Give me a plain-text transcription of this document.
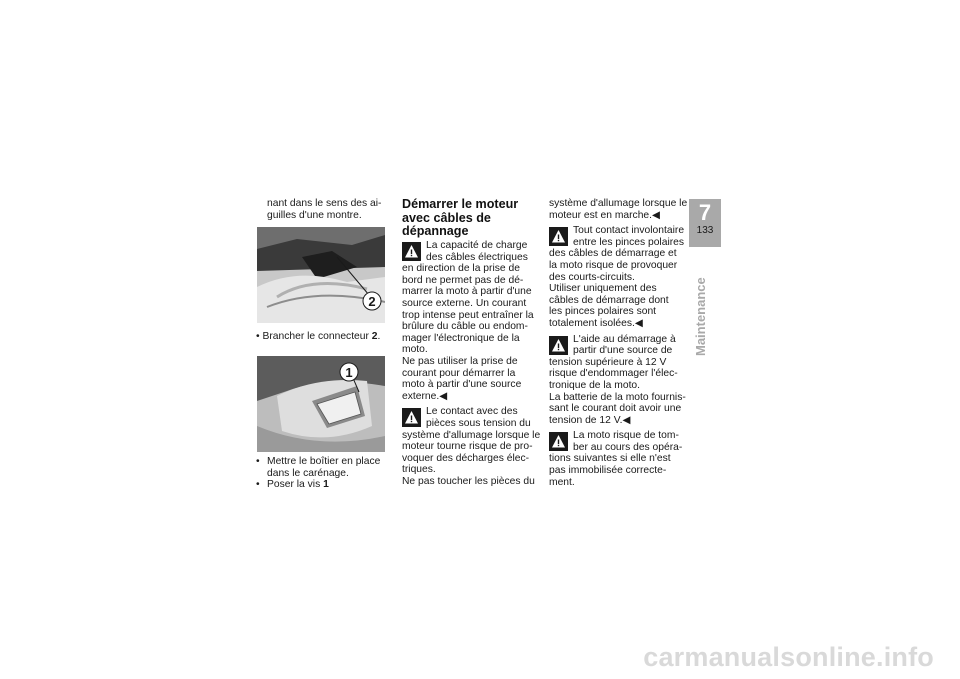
nant dans le sens des ai-
guilles d'une montre.
2
• Brancher le connecteur 2.
1
• Mettre le boîtier en place
dans le carénage.
• Poser la vis 1
Démarrer le moteur
avec câbles de
dépannage
La capacité de charge
des câbles électriques
en direction de la prise de
bord ne permet pas de dé-
marrer la moto à partir d'une
source externe. Un courant
trop intense peut entraîner la
brûlure du câble ou endom-
mager l'électronique de la
moto.
Ne pas utiliser la prise de
courant pour démarrer la
moto à partir d'une source
externe.◀
Le contact avec des
pièces sous tension du
système d'allumage lorsque le
moteur tourne risque de pro-
voquer des décharges élec-
triques.
Ne pas toucher les pièces du
système d'allumage lorsque le
moteur est en marche.◀
Tout contact involontaire
entre les pinces polaires
des câbles de démarrage et
la moto risque de provoquer
des courts-circuits.
Utiliser uniquement des
câbles de démarrage dont
les pinces polaires sont
totalement isolées.◀
L'aide au démarrage à
partir d'une source de
tension supérieure à 12 V
risque d'endommager l'élec-
tronique de la moto.
La batterie de la moto fournis-
sant le courant doit avoir une
tension de 12 V.◀
La moto risque de tom-
ber au cours des opéra-
tions suivantes si elle n'est
pas immobilisée correcte-
ment.
7
133
Maintenance
carmanualsonline.info
